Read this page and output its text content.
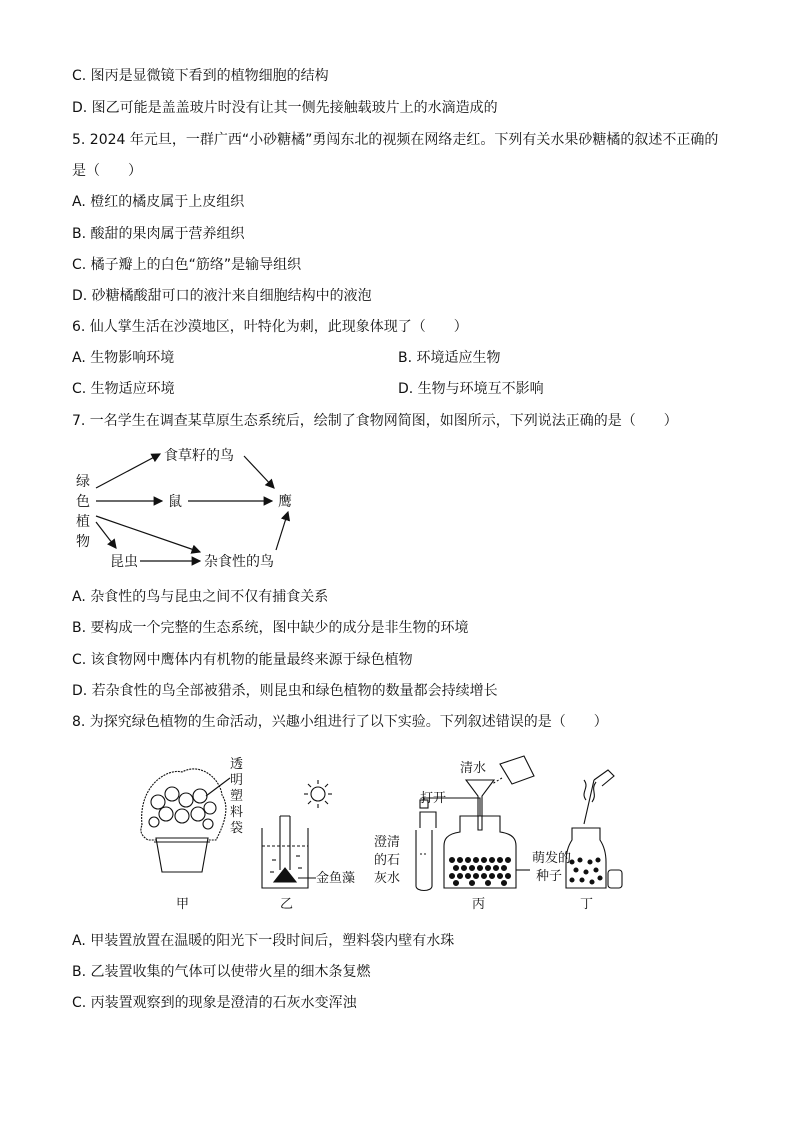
C. 图丙是显微镜下看到的植物细胞的结构
D. 图乙可能是盖盖玻片时没有让其一侧先接触载玻片上的水滴造成的
5. 2024 年元旦，一群广西“小砂糖橘”勇闯东北的视频在网络走红。下列有关水果砂糖橘的叙述不正确的
是（　　）
A. 橙红的橘皮属于上皮组织
B. 酸甜的果肉属于营养组织
C. 橘子瓣上的白色“筋络”是输导组织
D. 砂糖橘酸甜可口的液汁来自细胞结构中的液泡
6. 仙人掌生活在沙漠地区，叶特化为刺，此现象体现了（　　）
A. 生物影响环境	B. 环境适应生物
C. 生物适应环境	D. 生物与环境互不影响
7. 一名学生在调查某草原生态系统后，绘制了食物网简图，如图所示，下列说法正确的是（　　）
绿
色
植
物
食草籽的鸟
鼠	鹰
昆虫	杂食性的鸟
A. 杂食性的鸟与昆虫之间不仅有捕食关系
B. 要构成一个完整的生态系统，图中缺少的成分是非生物的环境
C. 该食物网中鹰体内有机物的能量最终来源于绿色植物
D. 若杂食性的鸟全部被猎杀，则昆虫和绿色植物的数量都会持续增长
8. 为探究绿色植物的生命活动，兴趣小组进行了以下实验。下列叙述错误的是（　　）
透
明
塑
料
袋
甲
金鱼藻
乙
清水
打开
澄清
的石
灰水
萌发的
种子
丙	丁
A. 甲装置放置在温暖的阳光下一段时间后，塑料袋内壁有水珠
B. 乙装置收集的气体可以使带火星的细木条复燃
C. 丙装置观察到的现象是澄清的石灰水变浑浊
